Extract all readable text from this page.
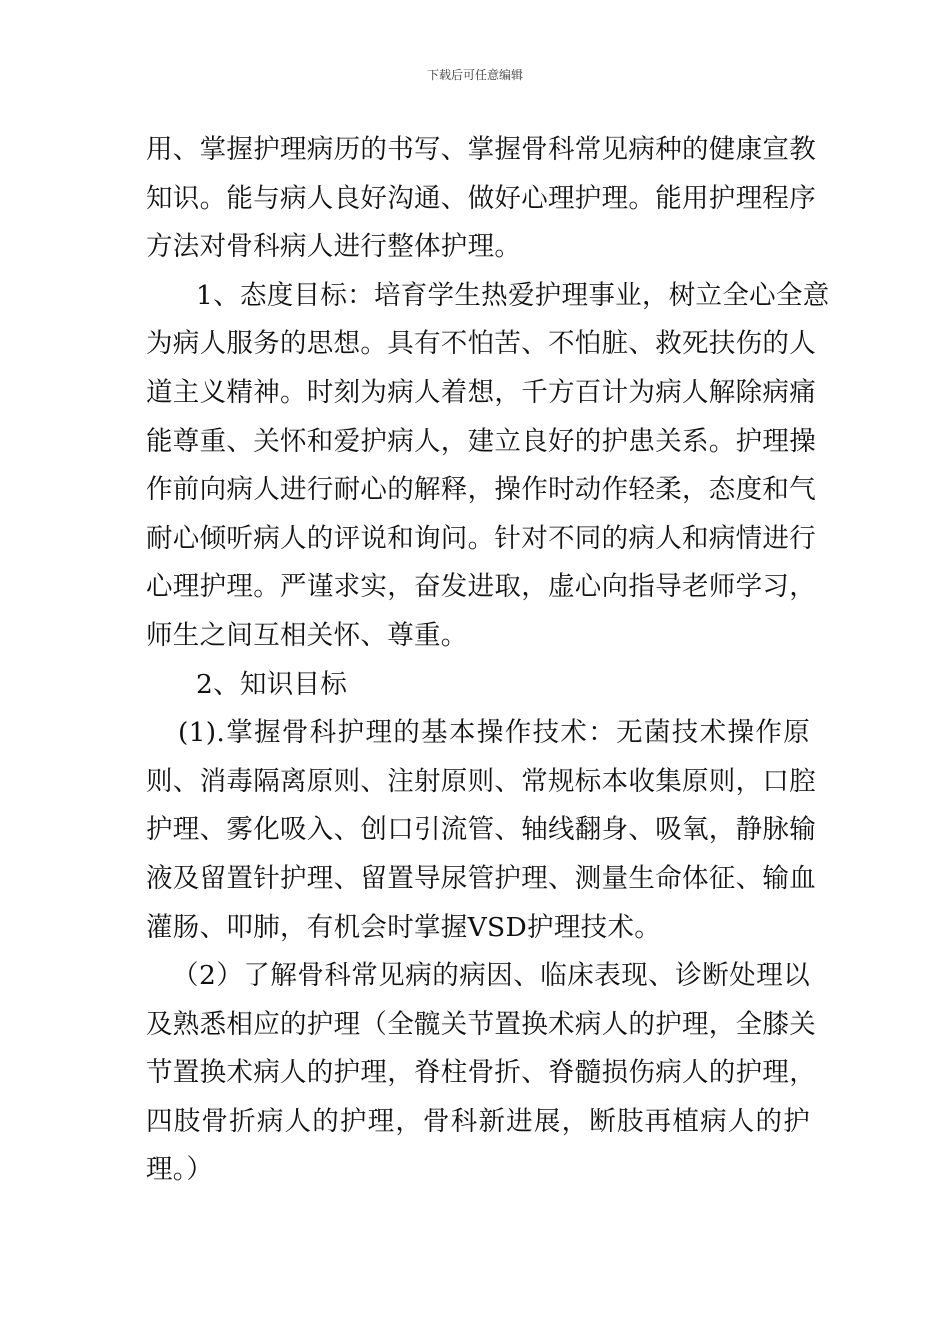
下载后可任意编辑
用、掌握护理病历的书写、掌握骨科常见病种的健康宣教
知识。能与病人良好沟通、做好心理护理。能用护理程序
方法对骨科病人进行整体护理。
1、态度目标：培育学生热爱护理事业，树立全心全意
为病人服务的思想。具有不怕苦、不怕脏、救死扶伤的人
道主义精神。时刻为病人着想，千方百计为病人解除病痛
能尊重、关怀和爱护病人，建立良好的护患关系。护理操
作前向病人进行耐心的解释，操作时动作轻柔，态度和气
耐心倾听病人的评说和询问。针对不同的病人和病情进行
心理护理。严谨求实，奋发进取，虚心向指导老师学习，
师生之间互相关怀、尊重。
2、知识目标
(1).掌握骨科护理的基本操作技术：无菌技术操作原
则、消毒隔离原则、注射原则、常规标本收集原则，口腔
护理、雾化吸入、创口引流管、轴线翻身、吸氧，静脉输
液及留置针护理、留置导尿管护理、测量生命体征、输血
灌肠、叩肺，有机会时掌握VSD护理技术。
（2）了解骨科常见病的病因、临床表现、诊断处理以
及熟悉相应的护理（全髋关节置换术病人的护理，全膝关
节置换术病人的护理，脊柱骨折、脊髓损伤病人的护理，
四肢骨折病人的护理，骨科新进展，断肢再植病人的护
理。）
